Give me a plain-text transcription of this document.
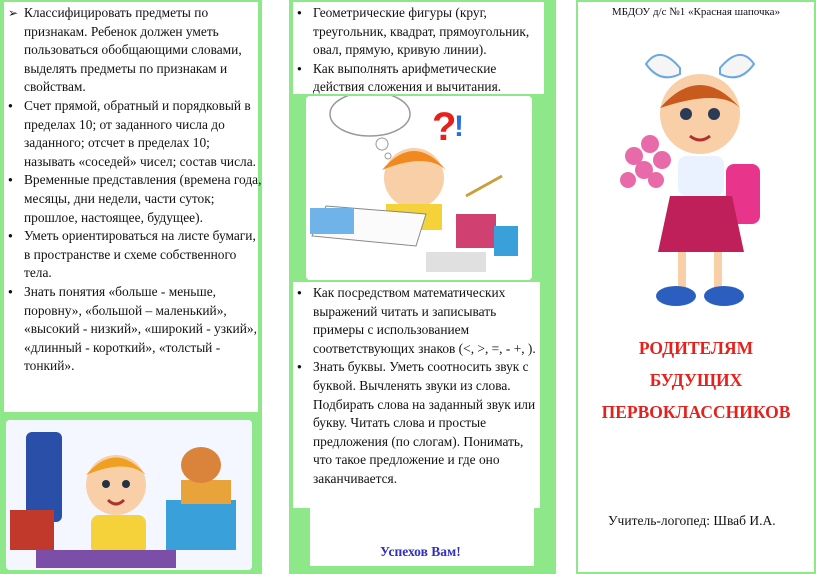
➢
Классифицировать предметы по признакам. Ребенок должен уметь пользоваться обобщающими словами, выделять предметы по признакам и свойствам.
●
Счет прямой, обратный и порядковый в пределах 10; от заданного числа до заданного; отсчет в пределах 10; называть «соседей» чисел; состав числа.
●
Временные представления (времена года, месяцы, дни недели, части суток; прошлое, настоящее, будущее).
●
Уметь ориентироваться на листе бумаги, в пространстве и схеме собственного тела.
●
Знать понятия «больше - меньше, поровну», «большой – маленький», «высокий - низкий», «широкий - узкий», «длинный - короткий», «толстый - тонкий».
●
Геометрические фигуры (круг, треугольник, квадрат, прямоугольник, овал, прямую, кривую линии).
●
Как выполнять арифметические действия сложения и вычитания.
?
!
●
Как посредством математических выражений читать и записывать примеры с использованием соответствующих знаков (<, >, =, - +, ).
●
Знать буквы. Уметь соотносить звук с буквой. Вычленять звуки из слова. Подбирать слова на заданный звук или букву. Читать слова и простые предложения (по слогам). Понимать, что такое предложение и где оно заканчивается.
Успехов Вам!
МБДОУ д/с №1 «Красная шапочка»
РОДИТЕЛЯМ
БУДУЩИХ
ПЕРВОКЛАССНИКОВ
Учитель-логопед: Шваб И.А.
